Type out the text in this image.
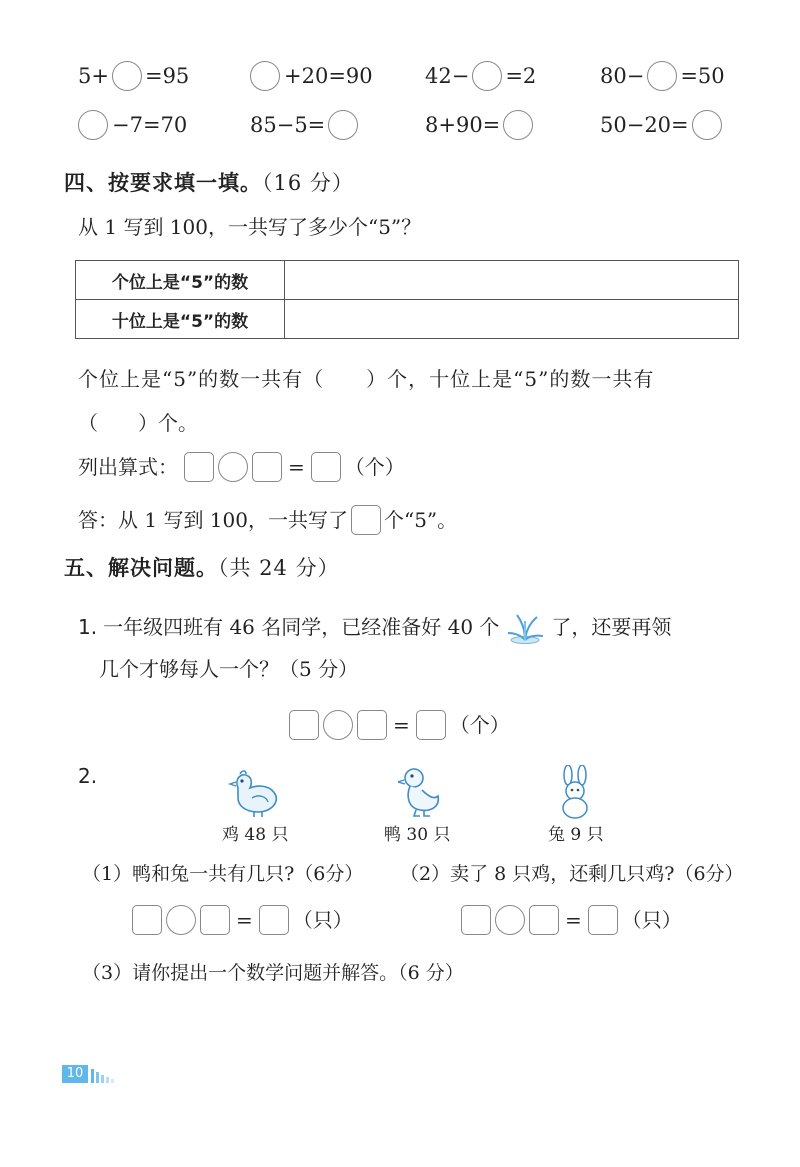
5+ =95	+20=90 42− =2	80− =50
−7=70	85−5=	8+90=	50−20=
四、按要求填一填。（16 分）
从 1 写到 100，一共写了多少个“5”？
个位上是“5”的数	
十位上是“5”的数	
个位上是“5”的数一共有（　　）个，十位上是“5”的数一共有
（　　）个。
列出算式：	= （个）
答：从 1 写到 100，一共写了 个“5”。
五、解决问题。（共 24 分）
1. 一年级四班有 46 名同学，已经准备好 40 个	了，还要再领
几个才够每人一个？（5 分）
= （个）
2.
鸡 48 只	鸭 30 只	兔 9 只
（1）鸭和兔一共有几只?（6分） （2）卖了 8 只鸡，还剩几只鸡?（6分）
= （只）	= （只）
（3）请你提出一个数学问题并解答。（6 分）
10
